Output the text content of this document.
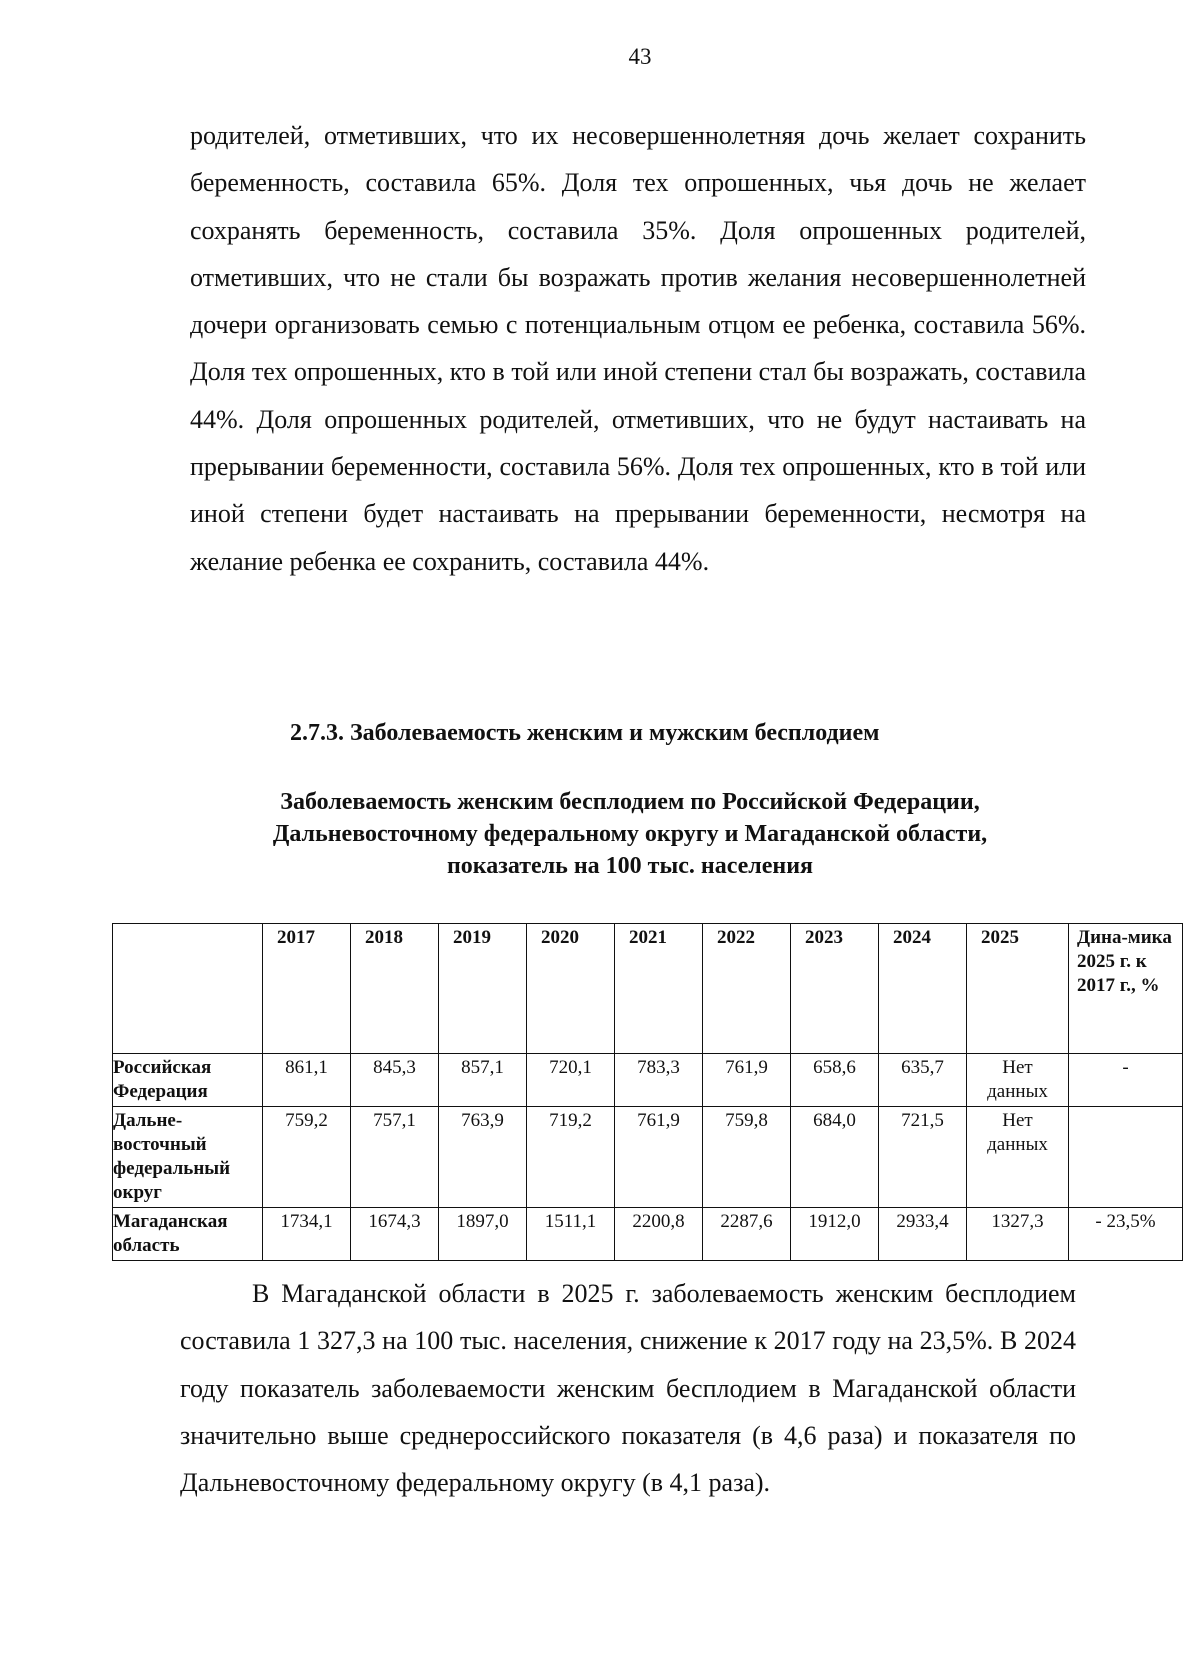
43

родителей, отметивших, что их несовершеннолетняя дочь желает сохранить беременность, составила 65%. Доля тех опрошенных, чья дочь не желает сохранять беременность, составила 35%. Доля опрошенных родителей, отметивших, что не стали бы возражать против желания несовершеннолетней дочери организовать семью с потенциальным отцом ее ребенка, составила 56%. Доля тех опрошенных, кто в той или иной степени стал бы возражать, составила 44%. Доля опрошенных родителей, отметивших, что не будут настаивать на прерывании беременности, составила 56%. Доля тех опрошенных, кто в той или иной степени будет настаивать на прерывании беременности, несмотря на желание ребенка ее сохранить, составила 44%.

2.7.3. Заболеваемость женским и мужским бесплодием

Заболеваемость женским бесплодием по Российской Федерации, Дальневосточному федеральному округу и Магаданской области, показатель на 100 тыс. населения

	2017	2018	2019	2020	2021	2022	2023	2024	2025	Дина-мика 2025 г. к 2017 г., %
Российская Федерация	861,1	845,3	857,1	720,1	783,3	761,9	658,6	635,7	Нет данных	-
Дальне-восточный федеральный округ	759,2	757,1	763,9	719,2	761,9	759,8	684,0	721,5	Нет данных	
Магаданская область	1734,1	1674,3	1897,0	1511,1	2200,8	2287,6	1912,0	2933,4	1327,3	- 23,5%

В Магаданской области в 2025 г. заболеваемость женским бесплодием составила 1 327,3 на 100 тыс. населения, снижение к 2017 году на 23,5%. В 2024 году показатель заболеваемости женским бесплодием в Магаданской области значительно выше среднероссийского показателя (в 4,6 раза) и показателя по Дальневосточному федеральному округу (в 4,1 раза).
